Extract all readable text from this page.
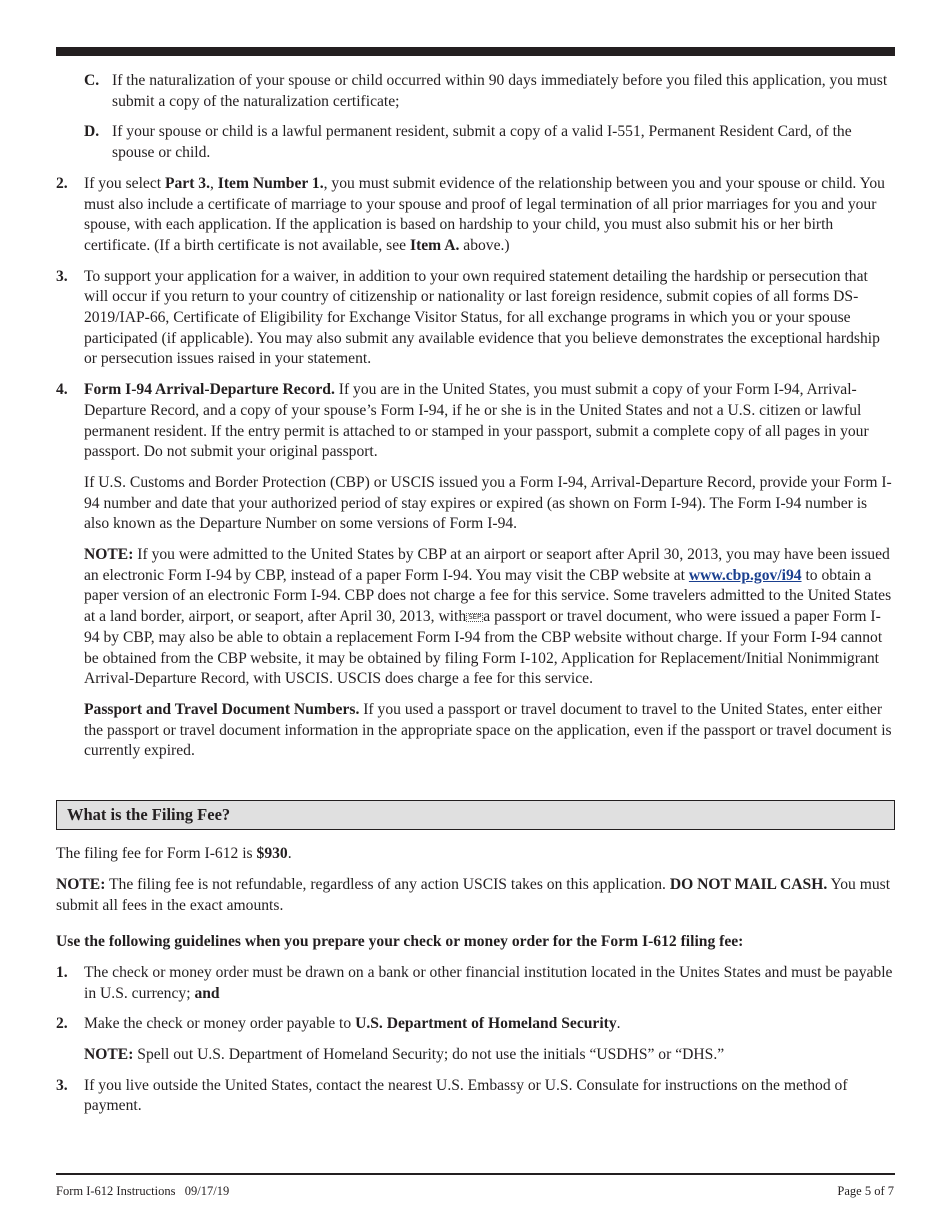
C. If the naturalization of your spouse or child occurred within 90 days immediately before you filed this application, you must submit a copy of the naturalization certificate;
D. If your spouse or child is a lawful permanent resident, submit a copy of a valid I-551, Permanent Resident Card, of the spouse or child.
2.	If you select Part 3., Item Number 1., you must submit evidence of the relationship between you and your spouse or child. You must also include a certificate of marriage to your spouse and proof of legal termination of all prior marriages for you and your spouse, with each application. If the application is based on hardship to your child, you must also submit his or her birth certificate. (If a birth certificate is not available, see Item A. above.)
3.	To support your application for a waiver, in addition to your own required statement detailing the hardship or persecution that will occur if you return to your country of citizenship or nationality or last foreign residence, submit copies of all forms DS-2019/IAP-66, Certificate of Eligibility for Exchange Visitor Status, for all exchange programs in which you or your spouse participated (if applicable). You may also submit any available evidence that you believe demonstrates the exceptional hardship or persecution issues raised in your statement.
4.	Form I-94 Arrival-Departure Record. If you are in the United States, you must submit a copy of your Form I-94, Arrival-Departure Record, and a copy of your spouse’s Form I-94, if he or she is in the United States and not a U.S. citizen or lawful permanent resident. If the entry permit is attached to or stamped in your passport, submit a complete copy of all pages in your passport. Do not submit your original passport.

If U.S. Customs and Border Protection (CBP) or USCIS issued you a Form I-94, Arrival-Departure Record, provide your Form I-94 number and date that your authorized period of stay expires or expired (as shown on Form I-94). The Form I-94 number is also known as the Departure Number on some versions of Form I-94.

NOTE: If you were admitted to the United States by CBP at an airport or seaport after April 30, 2013, you may have been issued an electronic Form I-94 by CBP, instead of a paper Form I-94. You may visit the CBP website at www.cbp.gov/i94 to obtain a paper version of an electronic Form I-94. CBP does not charge a fee for this service. Some travelers admitted to the United States at a land border, airport, or seaport, after April 30, 2013, with SEP a passport or travel document, who were issued a paper Form I-94 by CBP, may also be able to obtain a replacement Form I-94 from the CBP website without charge. If your Form I-94 cannot be obtained from the CBP website, it may be obtained by filing Form I-102, Application for Replacement/Initial Nonimmigrant Arrival-Departure Record, with USCIS. USCIS does charge a fee for this service.

Passport and Travel Document Numbers. If you used a passport or travel document to travel to the United States, enter either the passport or travel document information in the appropriate space on the application, even if the passport or travel document is currently expired.

What is the Filing Fee?

The filing fee for Form I-612 is $930.

NOTE: The filing fee is not refundable, regardless of any action USCIS takes on this application. DO NOT MAIL CASH. You must submit all fees in the exact amounts.

Use the following guidelines when you prepare your check or money order for the Form I-612 filing fee:

1.	The check or money order must be drawn on a bank or other financial institution located in the Unites States and must be payable in U.S. currency; and
2.	Make the check or money order payable to U.S. Department of Homeland Security.

NOTE: Spell out U.S. Department of Homeland Security; do not use the initials “USDHS” or “DHS.”

3.	If you live outside the United States, contact the nearest U.S. Embassy or U.S. Consulate for instructions on the method of payment.
Form I-612 Instructions   09/17/19	Page 5 of 7
